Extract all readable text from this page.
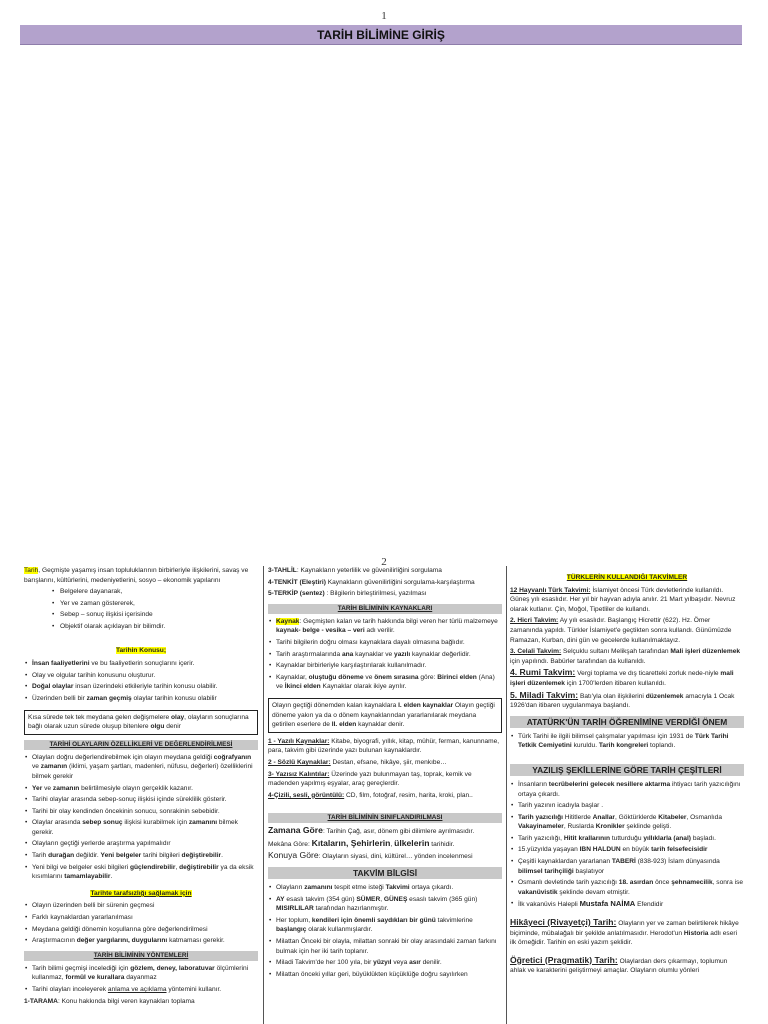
1
TARİH BİLİMİNE GİRİŞ
2

Tarih, Geçmişte yaşamış insan topluluklarının birbirleriyle ilişkilerini, savaş ve barışlarını, kültürlerini, medeniyetlerini, sosyo – ekonomik yapılarını

• Belgelere dayanarak,

• Yer ve zaman göstererek,

• Sebep – sonuç ilişkisi içerisinde

• Objektif olarak açıklayan bir bilimdir.

Tarihin Konusu;

• İnsan faaliyetlerini ve bu faaliyetlerin sonuçlarını içerir.

• Olay ve olgular tarihin konusunu oluşturur.

• Doğal olaylar insan üzerindeki etkileriyle tarihin konusu olabilir.

• Üzerinden belli bir zaman geçmiş olaylar tarihin konusu olabilir

Kısa sürede tek tek meydana gelen değişmelere olay, olayların sonuçlarına bağlı olarak uzun sürede oluşup bitenlere olgu denir
TARİHİ OLAYLARIN ÖZELLİKLERİ VE DEĞERLENDİRİLMESİ

• Olayları doğru değerlendirebilmek için olayın meydana geldiği coğrafyanın ve zamanın (iklimi, yaşam şartları, madenleri, nüfusu, değerleri) özelliklerini bilmek gerekir

• Yer ve zamanın belirtilmesiyle olayın gerçeklik kazanır.

• Tarihi olaylar arasında sebep-sonuç ilişkisi içinde süreklilik gösterir.

• Tarihi bir olay kendinden öncekinin sonucu, sonrakinin sebebidir.

• Olaylar arasında sebep sonuç ilişkisi kurabilmek için zamanını bilmek gerekir.

• Olayların geçtiği yerlerde araştırma yapılmalıdır

• Tarih durağan değildir. Yeni belgeler tarihi bilgileri değiştirebilir.

• Yeni bilgi ve belgeler eski bilgileri güçlendirebilir, değiştirebilir ya da eksik kısımlarını tamamlayabilir.

Tarihte tarafsızlığı sağlamak için

• Olayın üzerinden belli bir sürenin geçmesi

• Farklı kaynaklardan yararlanılması

• Meydana geldiği dönemin koşullarına göre değerlendirilmesi

• Araştırmacının değer yargılarını, duygularını katmaması gerekir.

TARİH BİLİMİNİN YÖNTEMLERİ

• Tarih bilimi geçmişi incelediği için gözlem, deney, laboratuvar ölçümlerini kullanmaz, formül ve kurallara dayanmaz

• Tarihi olayları inceleyerek anlama ve açıklama yöntemini kullanır.

1-TARAMA: Konu hakkında bilgi veren kaynakları toplama

3-TAHLİL: Kaynakların yeterlilik ve güvenilirliğini sorgulama

4-TENKİT (Eleştiri) Kaynakların güvenilirliğini sorgulama-karşılaştırma

5-TERKİP (sentez) : Bilgilerin birleştirilmesi, yazılması

TARİH BİLİMİNİN KAYNAKLARI

• Kaynak: Geçmişten kalan ve tarih hakkında bilgi veren her türlü malzemeye kaynak- belge - vesika – veri adı verilir.

• Tarihi bilgilerin doğru olması kaynaklara dayalı olmasına bağlıdır.

• Tarih araştırmalarında ana kaynaklar ve yazılı kaynaklar değerlidir.

• Kaynaklar birbirleriyle karşılaştırılarak kullanılmadır.

• Kaynaklar, oluştuğu döneme ve önem sırasına göre: Birinci elden (Ana) ve İkinci elden Kaynaklar olarak ikiye ayrılır.

Olayın geçtiği dönemden kalan kaynaklara I. elden kaynaklar Olayın geçtiği döneme yakın ya da o dönem kaynaklarından yararlanılarak meydana getirilen eserlere de II. elden kaynaklar denir.

1 - Yazılı Kaynaklar: Kitabe, biyografi, yıllık, kitap, mühür, ferman, kanunname, para, takvim gibi üzerinde yazı bulunan kaynaklardır.

2 - Sözlü Kaynaklar: Destan, efsane, hikâye, şiir, menkıbe…

3- Yazısız Kalıntılar: Üzerinde yazı bulunmayan taş, toprak, kemik ve madenden yapılmış eşyalar, araç gereçlerdir.

4-Çizili, sesli, görüntülü: CD, film, fotoğraf, resim, harita, kroki, plan..

TARİH BİLİMİNİN SINIFLANDIRILMASI

Zamana Göre: Tarihin Çağ, asır, dönem gibi dilimlere ayrılmasıdır.

Mekâna Göre: Kıtaların, Şehirlerin, ülkelerin tarihidir.

Konuya Göre: Olayların siyasi, dini, kültürel… yönden incelenmesi

TAKVİM BİLGİSİ

• Olayların zamanını tespit etme isteği Takvimi ortaya çıkardı.

• AY esaslı takvim (354 gün) SÜMER, GÜNEŞ esaslı takvim (365 gün) MISIRLILAR tarafından hazırlanmıştır.

• Her toplum, kendileri için önemli saydıkları bir günü takvimlerine başlangıç olarak kullanmışlardır.

• Milattan Önceki bir olayla, milattan sonraki bir olay arasındaki zaman farkını bulmak için her iki tarih toplanır.

• Miladi Takvim'de her 100 yıla, bir yüzyıl veya asır denilir.

• Milattan önceki yıllar geri, büyüklükten küçüklüğe doğru sayılırken

TÜRKLERİN KULLANDIĞI TAKVİMLER

12 Hayvanlı Türk Takvimi: İslamiyet öncesi Türk devletlerinde kullanıldı. Güneş yılı esaslıdır. Her yıl bir hayvan adıyla anılır. 21 Mart yılbaşıdır. Nevruz olarak kutlanır. Çin, Moğol, Tipetliler de kullandı.

2. Hicri Takvim: Ay yılı esaslıdır. Başlangıç Hicrettir (622). Hz. Ömer zamanında yapıldı. Türkler İslamiyet'e geçtikten sonra kullandı. Günümüzde Ramazan, Kurban, dini gün ve gecelerde kullanılmaktayız.

3. Celali Takvim: Selçuklu sultanı Melikşah tarafından Mali işleri düzenlemek için yapılındı. Babürler tarafından da kullanıldı.

4. Rumi Takvim: Vergi toplama ve dış ticaretteki zorluk nede-niyle mali işleri düzenlemek için 1700'lerden itibaren kullanıldı.

5. Miladi Takvim: Batı'yla olan ilişkilerini düzenlemek amacıyla 1 Ocak 1926'dan itibaren uygulanmaya başlandı.

ATATÜRK'ÜN TARİH ÖĞRENİMİNE VERDİĞİ ÖNEM

• Türk Tarihi ile ilgili bilimsel çalışmalar yapılması için 1931 de Türk Tarihi Tetkik Cemiyetini kuruldu. Tarih kongreleri toplandı.

YAZILIŞ ŞEKİLLERİNE GÖRE TARİH ÇEŞİTLERİ

• İnsanların tecrübelerini gelecek nesillere aktarma ihtiyacı tarih yazıcılığını ortaya çıkardı.

• Tarih yazının icadıyla başlar .

• Tarih yazıcılığı Hititlerde Anallar, Göktürklerde Kitabeler, Osmanlıda Vakayinameler, Ruslarda Kronikler şeklinde gelişti.

• Tarih yazıcılığı, Hitit krallarının tutturduğu yıllıklarla (anal) başladı.

• 15.yüzyılda yaşayan IBN HALDUN en büyük tarih felsefecisidir

• Çeşitli kaynaklardan yararlanan TABERİ (838-923) İslam dünyasında bilimsel tarihçiliği başlatıyor

• Osmanlı devletinde tarih yazıcılığı 18. asırdan önce şehnamecilik, sonra ise vakanüvistik şeklinde devam etmiştir.

• İlk vakanüvis Halepli Mustafa NAİMA Efendidir

Hikâyeci (Rivayetçi) Tarih: Olayların yer ve zaman belirtilerek hikâye biçiminde, mübalağalı bir şekilde anlatılmasıdır. Herodot'un Historia adlı eseri ilk örneğidir. Tarihin en eski yazım şeklidir.

Öğretici (Pragmatik) Tarih: Olaylardan ders çıkarmayı, toplumun ahlak ve karakterini geliştirmeyi amaçlar. Olayların olumlu yönleri
